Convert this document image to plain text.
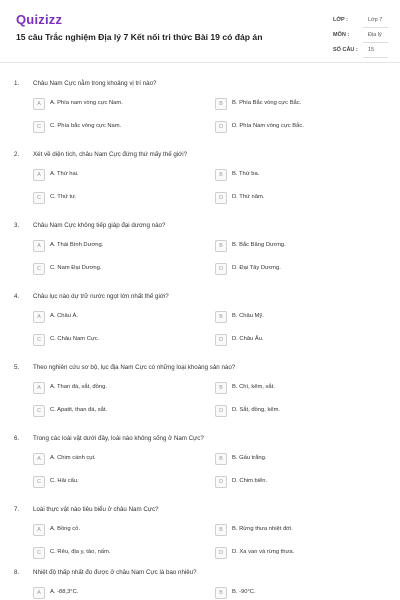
Quizizz
15 câu Trắc nghiệm Địa lý 7 Kết nối tri thức Bài 19 có đáp án
LỚP :	Lớp 7
MÔN :	Địa lý
SỐ CÂU : 15
1. Châu Nam Cực nằm trong khoảng vị trí nào?
A	A. Phía nam vòng cực Nam.	B	B. Phía Bắc vòng cực Bắc.
C	C. Phía bắc vòng cực Nam.	D	D. Phía Nam vòng cực Bắc.
2. Xét về diện tích, châu Nam Cực đứng thứ mấy thế giới?
A	A. Thứ hai.	B	B. Thứ ba.
C	C. Thứ tư.	D	D. Thứ năm.
3. Châu Nam Cực không tiếp giáp đại dương nào?
A	A. Thái Bình Dương.	B	B. Bắc Băng Dương.
C	C. Nam Đại Dương.	D	D. Đại Tây Dương.
4. Châu lục nào dự trữ nước ngọt lớn nhất thế giới?
A	A. Châu Á.	B	B. Châu Mỹ.
C	C. Châu Nam Cực.	D	D. Châu Âu.
5. Theo nghiên cứu sơ bộ, lục địa Nam Cực có những loại khoáng sản nào?
A	A. Than đá, sắt, đồng.	B	B. Chì, kẽm, sắt.
C	C. Apatit, than đá, sắt.	D	D. Sắt, đồng, kẽm.
6. Trong các loài vật dưới đây, loài nào không sống ở Nam Cực?
A	A. Chim cánh cụt.	B	B. Gấu trắng.
C	C. Hải cẩu.	D	D. Chim biển.
7. Loài thực vật nào tiêu biểu ở châu Nam Cực?
A	A. Bồng cỏ.	B	B. Rừng thưa nhiệt đới.
C	C. Rêu, địa y, tảo, nấm.	D	D. Xa van và rừng thưa.
8. Nhiệt độ thấp nhất đo được ở châu Nam Cực là bao nhiêu?
A	A. -88,3°C.	B	B. -90°C.
